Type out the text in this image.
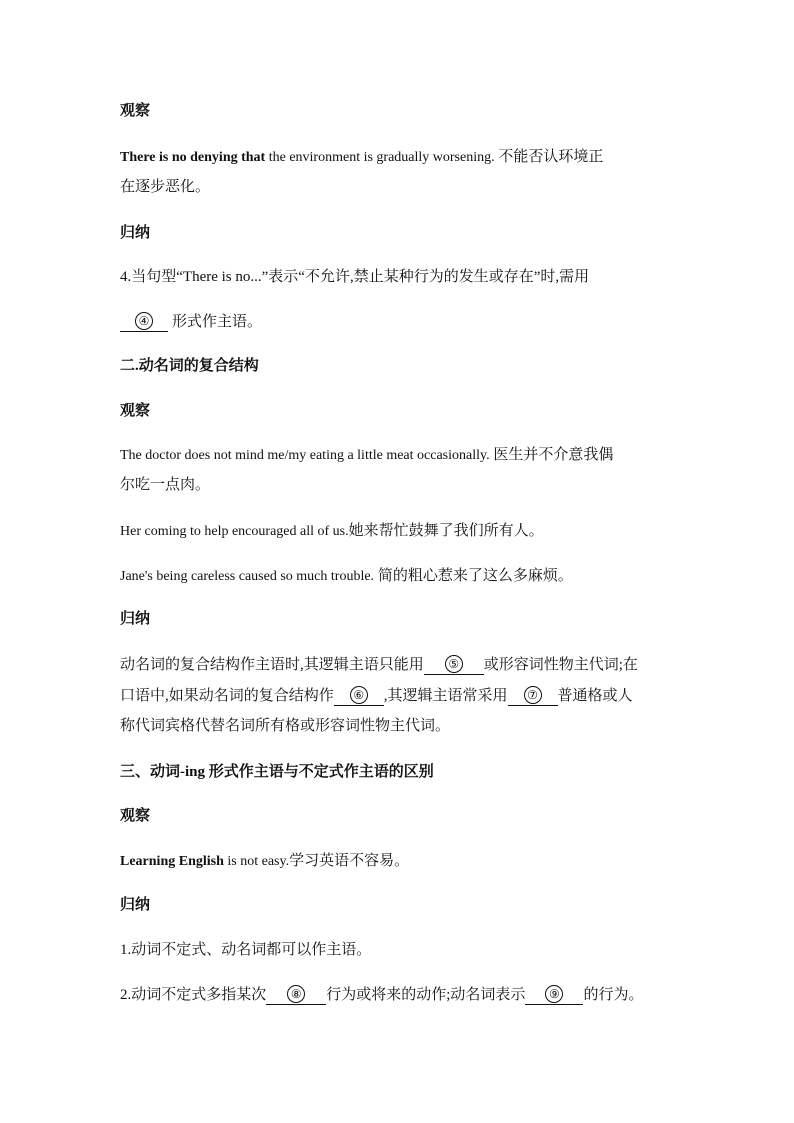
观察
There is no denying that the environment is gradually worsening. 不能否认环境正
在逐步恶化。
归纳
4.当句型“There is no...”表示“不允许,禁止某种行为的发生或存在”时,需用
④ 形式作主语。
二.动名词的复合结构
观察
The doctor does not mind me/my eating a little meat occasionally. 医生并不介意我偶
尔吃一点肉。
Her coming to help encouraged all of us.她来帮忙鼓舞了我们所有人。
Jane's being careless caused so much trouble. 简的粗心惹来了这么多麻烦。
归纳
动名词的复合结构作主语时,其逻辑主语只能用 ⑤ 或形容词性物主代词;在
口语中,如果动名词的复合结构作 ⑥ ,其逻辑主语常采用 ⑦ 普通格或人
称代词宾格代替名词所有格或形容词性物主代词。
三、动词-ing 形式作主语与不定式作主语的区别
观察
Learning English is not easy.学习英语不容易。
归纳
1.动词不定式、动名词都可以作主语。
2.动词不定式多指某次 ⑧ 行为或将来的动作;动名词表示 ⑨ 的行为。
